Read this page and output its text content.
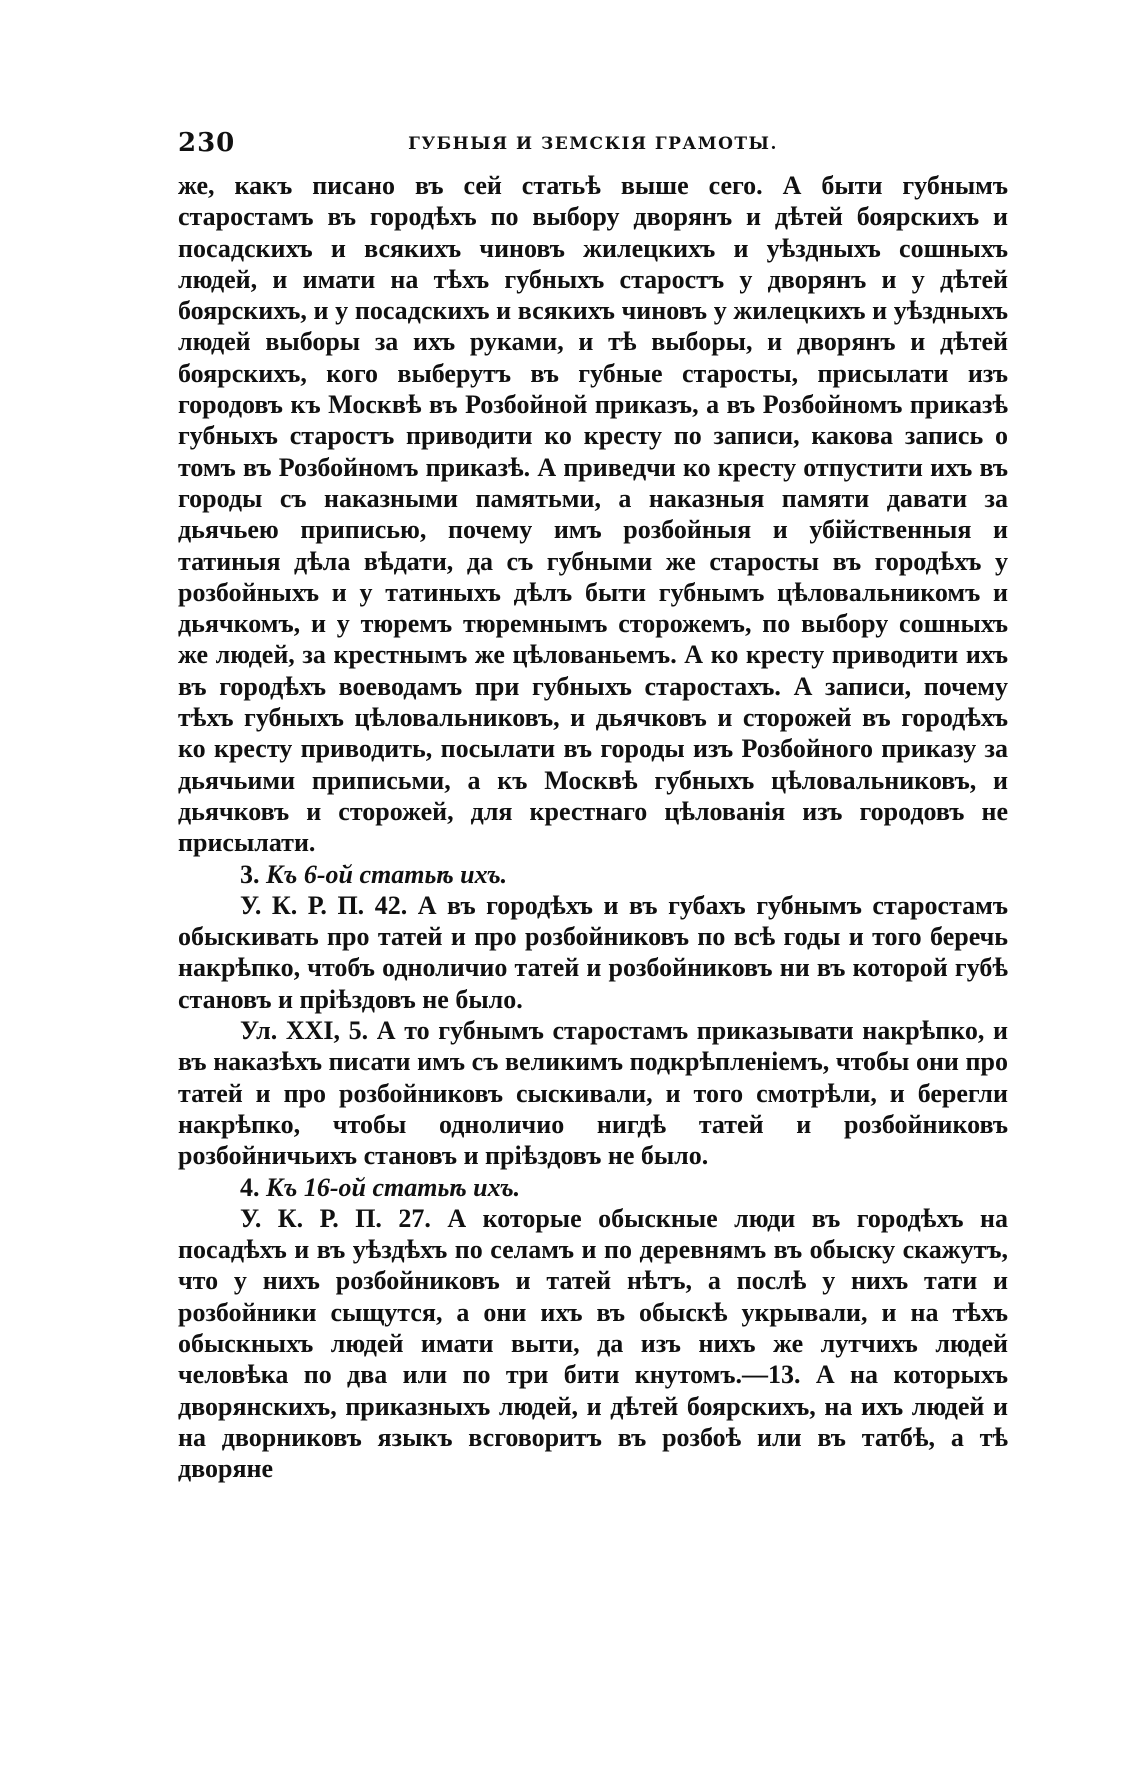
230	ГУБНЫЯ И ЗЕМСКІЯ ГРАМОТЫ.

же, какъ писано въ сей статьѣ выше сего. А быти губнымъ старостамъ въ городѣхъ по выбору дворянъ и дѣтей боярскихъ и посадскихъ и всякихъ чиновъ жилецкихъ и уѣздныхъ сошныхъ людей, и имати на тѣхъ губныхъ старостъ у дворянъ и у дѣтей боярскихъ, и у посадскихъ и всякихъ чиновъ у жилецкихъ и уѣздныхъ людей выборы за ихъ руками, и тѣ выборы, и дворянъ и дѣтей боярскихъ, кого выберутъ въ губные старосты, присылати изъ городовъ къ Москвѣ въ Розбойной приказъ, а въ Розбойномъ приказѣ губныхъ старостъ приводити ко кресту по записи, какова запись о томъ въ Розбойномъ приказѣ. А приведчи ко кресту отпустити ихъ въ городы съ наказными памятьми, а наказныя памяти давати за дьячьею приписью, почему имъ розбойныя и убійственныя и татиныя дѣла вѣдати, да съ губными же старосты въ городѣхъ у розбойныхъ и у татиныхъ дѣлъ быти губнымъ цѣловальникомъ и дьячкомъ, и у тюремъ тюремнымъ сторожемъ, по выбору сошныхъ же людей, за крестнымъ же цѣлованьемъ. А ко кресту приводити ихъ въ городѣхъ воеводамъ при губныхъ старостахъ. А записи, почему тѣхъ губныхъ цѣловальниковъ, и дьячковъ и сторожей въ городѣхъ ко кресту приводить, посылати въ городы изъ Розбойного приказу за дьячьими приписьми, а къ Москвѣ губныхъ цѣловальниковъ, и дьячковъ и сторожей, для крестнаго цѣлованія изъ городовъ не присылати.

3. Къ 6-ой статьѣ ихъ.

У. К. Р. П. 42. А въ городѣхъ и въ губахъ губнымъ старостамъ обыскивать про татей и про розбойниковъ по всѣ годы и того беречь накрѣпко, чтобъ одноличио татей и розбойниковъ ни въ которой губѣ становъ и пріѣздовъ не было.

Ул. XXI, 5. А то губнымъ старостамъ приказывати накрѣпко, и въ наказѣхъ писати имъ съ великимъ подкрѣпленіемъ, чтобы они про татей и про розбойниковъ сыскивали, и того смотрѣли, и берегли накрѣпко, чтобы одноличио нигдѣ татей и розбойниковъ розбойничьихъ становъ и пріѣздовъ не было.

4. Къ 16-ой статьѣ ихъ.

У. К. Р. П. 27. А которые обыскные люди въ городѣхъ на посадѣхъ и въ уѣздѣхъ по селамъ и по деревнямъ въ обыску скажутъ, что у нихъ розбойниковъ и татей нѣтъ, а послѣ у нихъ тати и розбойники сыщутся, а они ихъ въ обыскѣ укрывали, и на тѣхъ обыскныхъ людей имати выти, да изъ нихъ же лутчихъ людей человѣка по два или по три бити кнутомъ.—13. А на которыхъ дворянскихъ, приказныхъ людей, и дѣтей боярскихъ, на ихъ людей и на дворниковъ языкъ всговоритъ въ розбоѣ или въ татбѣ, а тѣ дворяне
